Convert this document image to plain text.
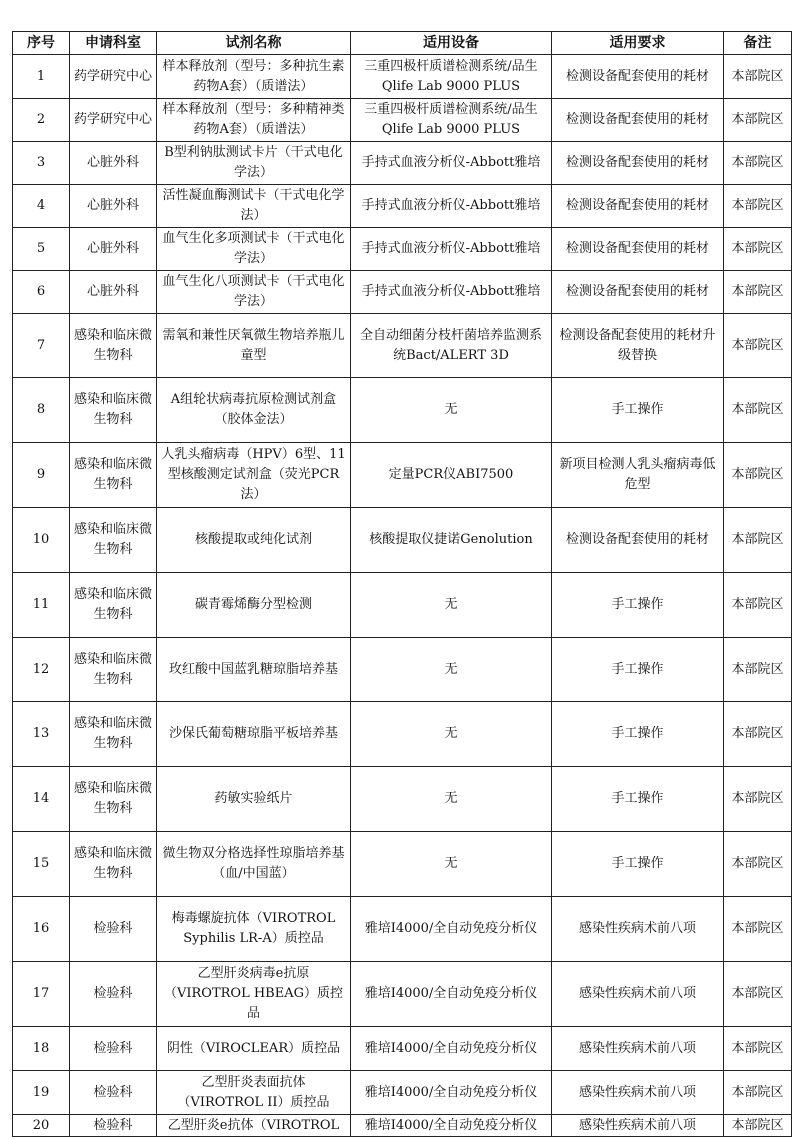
序号	申请科室	试剂名称	适用设备	适用要求	备注
1	药学研究中心	样本释放剂（型号：多种抗生素药物A套）（质谱法）	三重四极杆质谱检测系统/品生Qlife Lab 9000 PLUS	检测设备配套使用的耗材	本部院区
2	药学研究中心	样本释放剂（型号：多种精神类药物A套）（质谱法）	三重四极杆质谱检测系统/品生Qlife Lab 9000 PLUS	检测设备配套使用的耗材	本部院区
3	心脏外科	B型利钠肽测试卡片（干式电化学法）	手持式血液分析仪-Abbott雅培	检测设备配套使用的耗材	本部院区
4	心脏外科	活性凝血酶测试卡（干式电化学法）	手持式血液分析仪-Abbott雅培	检测设备配套使用的耗材	本部院区
5	心脏外科	血气生化多项测试卡（干式电化学法）	手持式血液分析仪-Abbott雅培	检测设备配套使用的耗材	本部院区
6	心脏外科	血气生化八项测试卡（干式电化学法）	手持式血液分析仪-Abbott雅培	检测设备配套使用的耗材	本部院区
7	感染和临床微生物科	需氧和兼性厌氧微生物培养瓶儿童型	全自动细菌分枝杆菌培养监测系统Bact/ALERT 3D	检测设备配套使用的耗材升级替换	本部院区
8	感染和临床微生物科	A组轮状病毒抗原检测试剂盒（胶体金法）	无	手工操作	本部院区
9	感染和临床微生物科	人乳头瘤病毒（HPV）6型、11型核酸测定试剂盒（荧光PCR法）	定量PCR仪ABI7500	新项目检测人乳头瘤病毒低危型	本部院区
10	感染和临床微生物科	核酸提取或纯化试剂	核酸提取仪捷诺Genolution	检测设备配套使用的耗材	本部院区
11	感染和临床微生物科	碳青霉烯酶分型检测	无	手工操作	本部院区
12	感染和临床微生物科	玫红酸中国蓝乳糖琼脂培养基	无	手工操作	本部院区
13	感染和临床微生物科	沙保氏葡萄糖琼脂平板培养基	无	手工操作	本部院区
14	感染和临床微生物科	药敏实验纸片	无	手工操作	本部院区
15	感染和临床微生物科	微生物双分格选择性琼脂培养基（血/中国蓝）	无	手工操作	本部院区
16	检验科	梅毒螺旋抗体（VIROTROL Syphilis LR-A）质控品	雅培I4000/全自动免疫分析仪	感染性疾病术前八项	本部院区
17	检验科	乙型肝炎病毒e抗原（VIROTROL HBEAG）质控品	雅培I4000/全自动免疫分析仪	感染性疾病术前八项	本部院区
18	检验科	阴性（VIROCLEAR）质控品	雅培I4000/全自动免疫分析仪	感染性疾病术前八项	本部院区
19	检验科	乙型肝炎表面抗体（VIROTROL II）质控品	雅培I4000/全自动免疫分析仪	感染性疾病术前八项	本部院区
20	检验科	乙型肝炎e抗体（VIROTROL	雅培I4000/全自动免疫分析仪	感染性疾病术前八项	本部院区
